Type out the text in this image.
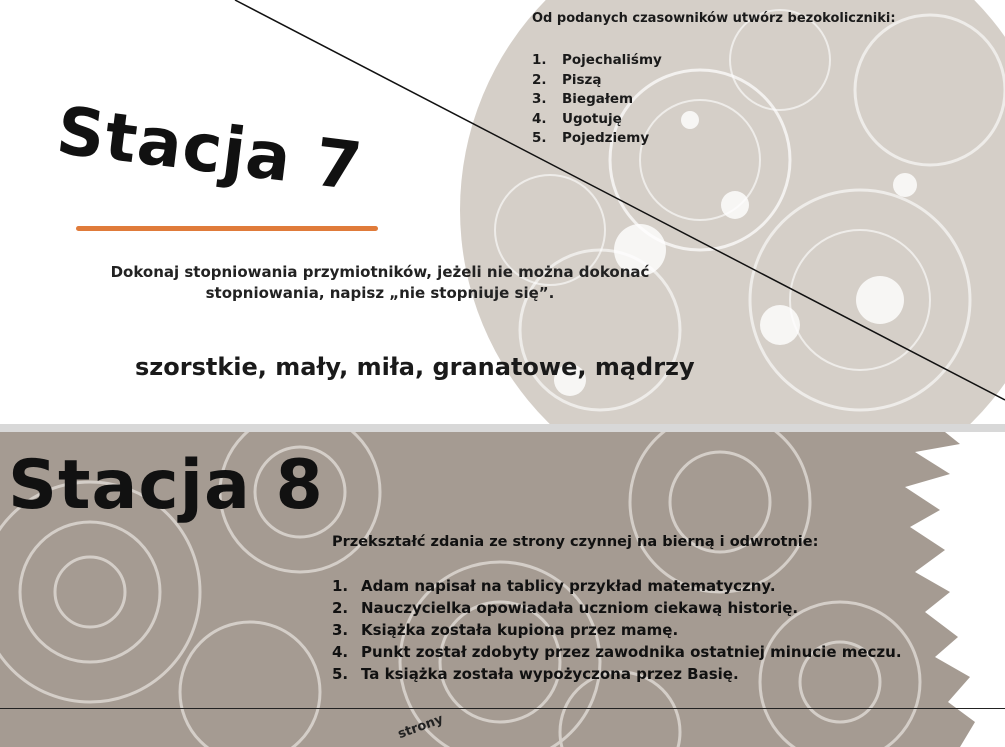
Stacja 7
Dokonaj stopniowania przymiotników, jeżeli nie można dokonać stopniowania, napisz „nie stopniuje się”.
szorstkie, mały, miła, granatowe, mądrzy
Od podanych czasowników utwórz bezokoliczniki:
1. Pojechaliśmy
2. Piszą
3. Biegałem
4. Ugotuję
5. Pojedziemy
Stacja 8
Przekształć zdania ze strony czynnej na bierną i odwrotnie:
1. Adam napisał na tablicy przykład matematyczny.
2. Nauczycielka opowiadała uczniom ciekawą historię.
3. Książka została kupiona przez mamę.
4. Punkt został zdobyty przez zawodnika ostatniej minucie meczu.
5. Ta książka została wypożyczona przez Basię.
strony
